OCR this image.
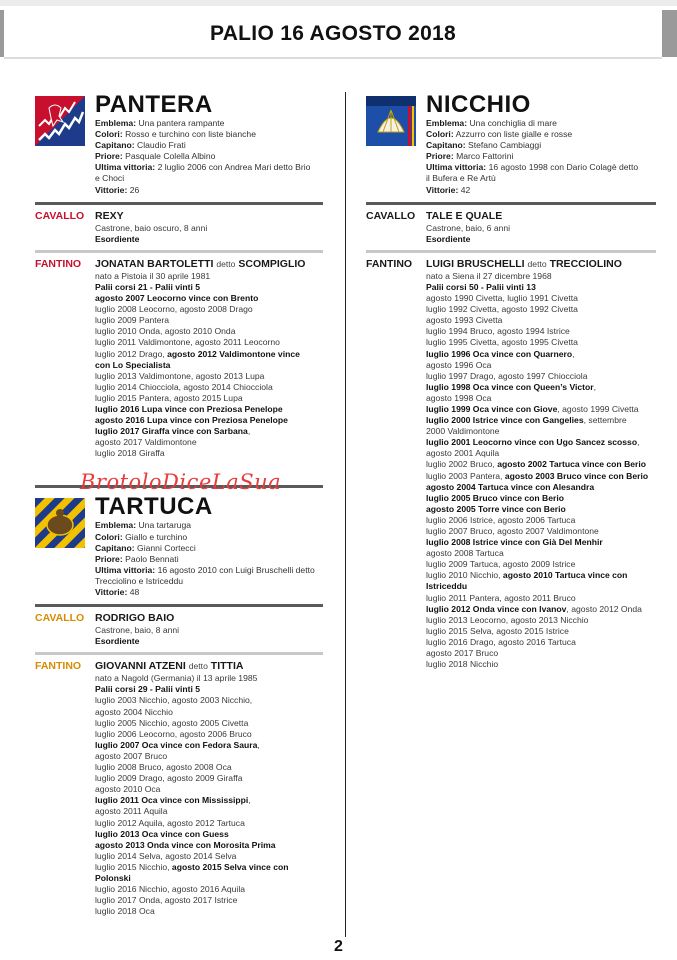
PALIO 16 AGOSTO 2018
PANTERA
Emblema: Una pantera rampante
Colori: Rosso e turchino con liste bianche
Capitano: Claudio Frati
Priore: Pasquale Colella Albino
Ultima vittoria: 2 luglio 2006 con Andrea Mari detto Brio
e Choci
Vittorie: 26
CAVALLO REXY
Castrone, baio oscuro, 8 anni
Esordiente
FANTINO JONATAN BARTOLETTI detto SCOMPIGLIO
nato a Pistoia il 30 aprile 1981
Palii corsi 21 - Palii vinti 5
agosto 2007 Leocorno vince con Brento
luglio 2008 Leocorno, agosto 2008 Drago
luglio 2009 Pantera
luglio 2010 Onda, agosto 2010 Onda
luglio 2011 Valdimontone, agosto 2011 Leocorno
luglio 2012 Drago, agosto 2012 Valdimontone vince
con Lo Specialista
luglio 2013 Valdimontone, agosto 2013 Lupa
luglio 2014 Chiocciola, agosto 2014 Chiocciola
luglio 2015 Pantera, agosto 2015 Lupa
luglio 2016 Lupa vince con Preziosa Penelope
agosto 2016 Lupa vince con Preziosa Penelope
luglio 2017 Giraffa vince con Sarbana,
agosto 2017 Valdimontone
luglio 2018 Giraffa
TARTUCA
Emblema: Una tartaruga
Colori: Giallo e turchino
Capitano: Gianni Cortecci
Priore: Paolo Bennati
Ultima vittoria: 16 agosto 2010 con Luigi Bruschelli detto
Trecciolino e Istriceddu
Vittorie: 48
CAVALLO RODRIGO BAIO
Castrone, baio, 8 anni
Esordiente
FANTINO GIOVANNI ATZENI detto TITTIA
nato a Nagold (Germania) il 13 aprile 1985
Palii corsi 29 - Palii vinti 5
luglio 2003 Nicchio, agosto 2003 Nicchio,
agosto 2004 Nicchio
luglio 2005 Nicchio, agosto 2005 Civetta
luglio 2006 Leocorno, agosto 2006 Bruco
luglio 2007 Oca vince con Fedora Saura,
agosto 2007 Bruco
luglio 2008 Bruco, agosto 2008 Oca
luglio 2009 Drago, agosto 2009 Giraffa
agosto 2010 Oca
luglio 2011 Oca vince con Mississippi,
agosto 2011 Aquila
luglio 2012 Aquila, agosto 2012 Tartuca
luglio 2013 Oca vince con Guess
agosto 2013 Onda vince con Morosita Prima
luglio 2014 Selva, agosto 2014 Selva
luglio 2015 Nicchio, agosto 2015 Selva vince con
Polonski
luglio 2016 Nicchio, agosto 2016 Aquila
luglio 2017 Onda, agosto 2017 Istrice
luglio 2018 Oca
NICCHIO
Emblema: Una conchiglia di mare
Colori: Azzurro con liste gialle e rosse
Capitano: Stefano Cambiaggi
Priore: Marco Fattorini
Ultima vittoria: 16 agosto 1998 con Dario Colagè detto
il Bufera e Re Artù
Vittorie: 42
CAVALLO TALE E QUALE
Castrone, baio, 6 anni
Esordiente
FANTINO LUIGI BRUSCHELLI detto TRECCIOLINO
nato a Siena il 27 dicembre 1968
Palii corsi 50 - Palii vinti 13
agosto 1990 Civetta, luglio 1991 Civetta
luglio 1992 Civetta, agosto 1992 Civetta
agosto 1993 Civetta
luglio 1994 Bruco, agosto 1994 Istrice
luglio 1995 Civetta, agosto 1995 Civetta
luglio 1996 Oca vince con Quarnero,
agosto 1996 Oca
luglio 1997 Drago, agosto 1997 Chiocciola
luglio 1998 Oca vince con Queen’s Victor,
agosto 1998 Oca
luglio 1999 Oca vince con Giove, agosto 1999 Civetta
luglio 2000 Istrice vince con Gangelies, settembre
2000 Valdimontone
luglio 2001 Leocorno vince con Ugo Sancez scosso,
agosto 2001 Aquila
luglio 2002 Bruco, agosto 2002 Tartuca vince con Berio
luglio 2003 Pantera, agosto 2003 Bruco vince con Berio
agosto 2004 Tartuca vince con Alesandra
luglio 2005 Bruco vince con Berio
agosto 2005 Torre vince con Berio
luglio 2006 Istrice, agosto 2006 Tartuca
luglio 2007 Bruco, agosto 2007 Valdimontone
luglio 2008 Istrice vince con Già Del Menhir
agosto 2008 Tartuca
luglio 2009 Tartuca, agosto 2009 Istrice
luglio 2010 Nicchio, agosto 2010 Tartuca vince con
Istriceddu
luglio 2011 Pantera, agosto 2011 Bruco
luglio 2012 Onda vince con Ivanov, agosto 2012 Onda
luglio 2013 Leocorno, agosto 2013 Nicchio
luglio 2015 Selva, agosto 2015 Istrice
luglio 2016 Drago, agosto 2016 Tartuca
agosto 2017 Bruco
luglio 2018 Nicchio
BrotoloDiceLaSua
2
